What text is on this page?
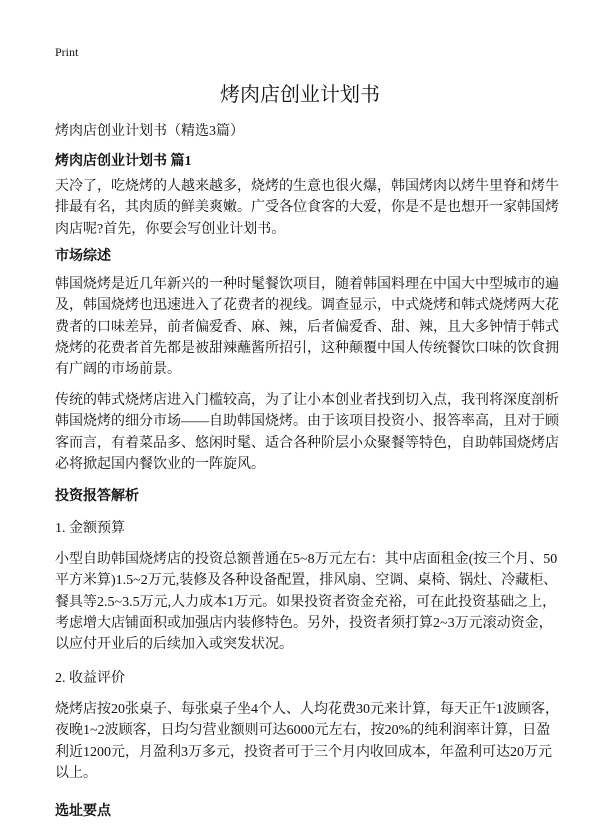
Print
烤肉店创业计划书
烤肉店创业计划书（精选3篇）
烤肉店创业计划书 篇1
天冷了，吃烧烤的人越来越多，烧烤的生意也很火爆，韩国烤肉以烤牛里脊和烤牛
排最有名，其肉质的鲜美爽嫩。广受各位食客的大爱，你是不是也想开一家韩国烤
肉店呢?首先，你要会写创业计划书。
市场综述
韩国烧烤是近几年新兴的一种时髦餐饮项目，随着韩国料理在中国大中型城市的遍
及，韩国烧烤也迅速进入了花费者的视线。调查显示，中式烧烤和韩式烧烤两大花
费者的口味差异，前者偏爱香、麻、辣，后者偏爱香、甜、辣，且大多钟情于韩式
烧烤的花费者首先都是被甜辣蘸酱所招引，这种颠覆中国人传统餐饮口味的饮食拥
有广阔的市场前景。
传统的韩式烧烤店进入门槛较高，为了让小本创业者找到切入点，我刊将深度剖析
韩国烧烤的细分市场——自助韩国烧烤。由于该项目投资小、报答率高，且对于顾
客而言，有着菜品多、悠闲时髦、适合各种阶层小众聚餐等特色，自助韩国烧烤店
必将掀起国内餐饮业的一阵旋风。
投资报答解析
1. 金额预算
小型自助韩国烧烤店的投资总额普通在5~8万元左右：其中店面租金(按三个月、50
平方米算)1.5~2万元,装修及各种设备配置，排风扇、空调、桌椅、锅灶、冷藏柜、
餐具等2.5~3.5万元,人力成本1万元。如果投资者资金充裕，可在此投资基础之上，
考虑增大店铺面积或加强店内装修特色。另外，投资者须打算2~3万元滚动资金，
以应付开业后的后续加入或突发状况。
2. 收益评价
烧烤店按20张桌子、每张桌子坐4个人、人均花费30元来计算，每天正午1波顾客，
夜晚1~2波顾客，日均匀营业额则可达6000元左右，按20%的纯利润率计算，日盈
利近1200元，月盈利3万多元，投资者可于三个月内收回成本，年盈利可达20万元
以上。
选址要点
